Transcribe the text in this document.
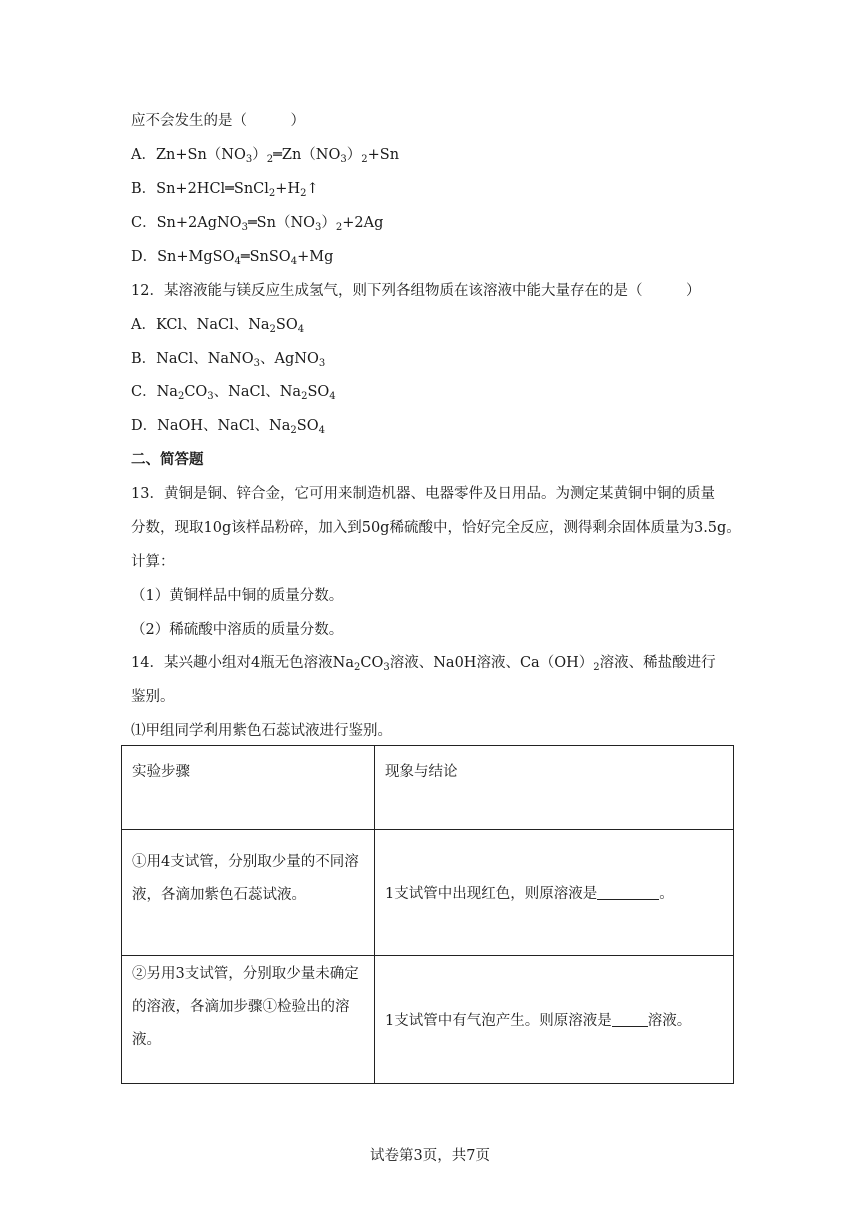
应不会发生的是（　　　）
A．$Zn+Sn(NO_3)_2═Zn(NO_3)_2+Sn$
B．$Sn+2HCl═SnCl_2+H_2↑$
C．$Sn+2AgNO_3═Sn(NO_3)_2+2Ag$
D．Sn+MgSO$_4$═SnSO$_4$+Mg
12．某溶液能与镁反应生成氢气，则下列各组物质在该溶液中能大量存在的是（　　　）
A．KCl、NaCl、$Na_2SO_4$
B．NaCl、NaNO$_3$、AgNO$_3$
C．$Na_2CO_3$、NaCl、$Na_2SO_4$
D．NaOH、NaCl、$Na_2SO_4$
二、简答题
13．黄铜是铜、锌合金，它可用来制造机器、电器零件及日用品。为测定某黄铜中铜的质量
分数，现取10g该样品粉碎，加入到50g稀硫酸中，恰好完全反应，测得剩余固体质量为3.5g。
计算：
（1）黄铜样品中铜的质量分数。
（2）稀硫酸中溶质的质量分数。
14．某兴趣小组对4瓶无色溶液$Na_2CO_3$溶液、Na0H溶液、$Ca(OH)_2$溶液、稀盐酸进行
鉴别。
⑴甲组同学利用紫色石蕊试液进行鉴别。
实验步骤	现象与结论

①用4支试管，分别取少量的不同溶
液，各滴加紫色石蕊试液。	1支试管中出现红色，则原溶液是 。

②另用3支试管，分别取少量未确定
的溶液，各滴加步骤①检验出的溶
液。	1支试管中有气泡产生。则原溶液是 溶液。
试卷第3页，共7页
